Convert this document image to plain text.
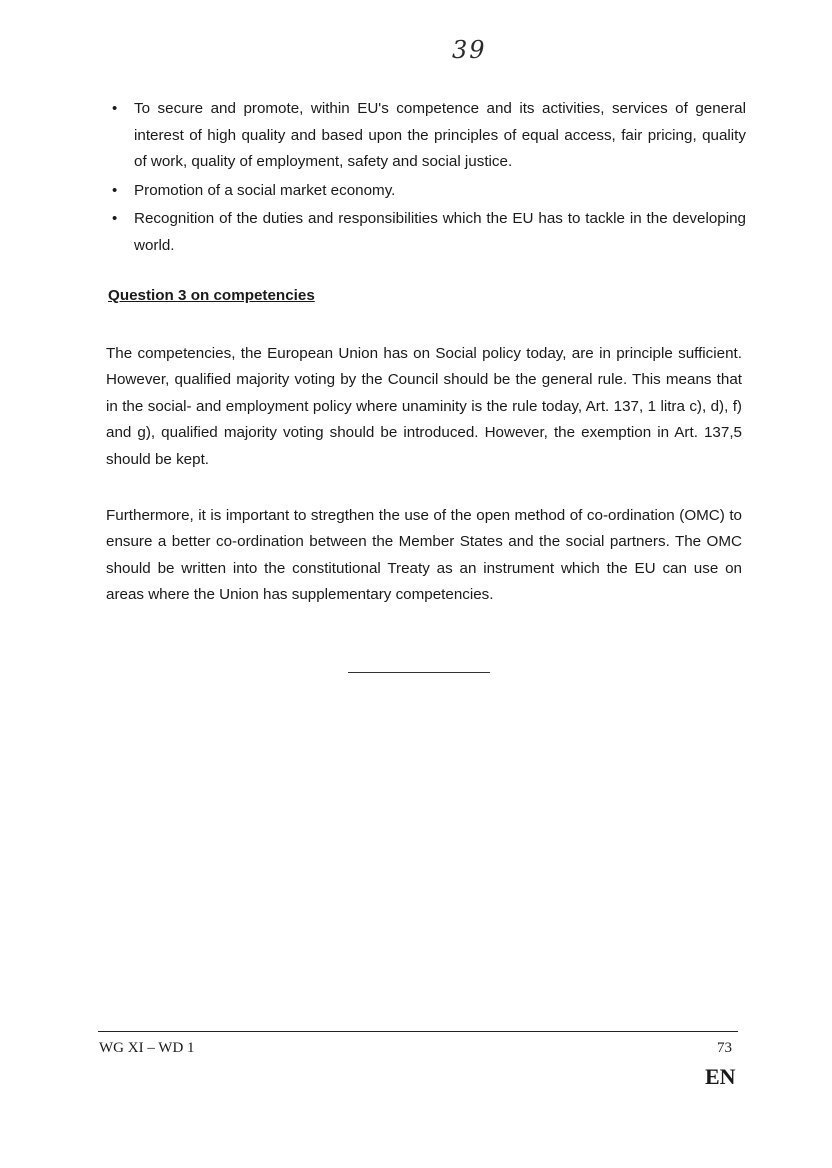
39
• To secure and promote, within EU's competence and its activities, services of general interest of high quality and based upon the principles of equal access, fair pricing, quality of work, quality of employment, safety and social justice.
• Promotion of a social market economy.
• Recognition of the duties and responsibilities which the EU has to tackle in the developing world.
Question 3 on competencies

The competencies, the European Union has on Social policy today, are in principle sufficient. However, qualified majority voting by the Council should be the general rule. This means that in the social- and employment policy where unaminity is the rule today, Art. 137, 1 litra c), d), f) and g), qualified majority voting should be introduced. However, the exemption in Art. 137,5 should be kept.

Furthermore, it is important to stregthen the use of the open method of co-ordination (OMC) to ensure a better co-ordination between the Member States and the social partners. The OMC should be written into the constitutional Treaty as an instrument which the EU can use on areas where the Union has supplementary competencies.

WG XI – WD 1	73
EN
